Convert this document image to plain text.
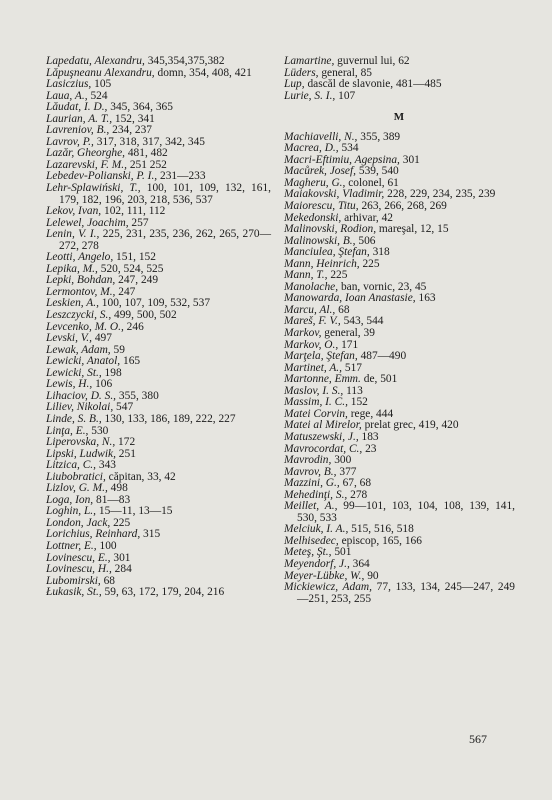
Lapedatu, Alexandru, 345,354,375,382
Lăpuşneanu Alexandru, domn, 354, 408, 421
Lasiczius, 105
Laua, A., 524
Lăudat, I. D., 345, 364, 365
Laurian, A. T., 152, 341
Lavreniov, B., 234, 237
Lavrov, P., 317, 318, 317, 342, 345
Lazăr, Gheorghe, 481, 482
Lazarevski, F. M., 251 252
Lebedev-Polianski, P. I., 231—233
Lehr-Splawiński, T., 100, 101, 109, 132, 161, 179, 182, 196, 203, 218, 536, 537
Lekov, Ivan, 102, 111, 112
Lelewel, Joachim, 257
Lenin, V. I., 225, 231, 235, 236, 262, 265, 270—272, 278
Leotti, Angelo, 151, 152
Lepika, M., 520, 524, 525
Lepki, Bohdan, 247, 249
Lermontov, M., 247
Leskien, A., 100, 107, 109, 532, 537
Leszczycki, S., 499, 500, 502
Levcenko, M. O., 246
Levski, V., 497
Lewak, Adam, 59
Lewicki, Anatol, 165
Lewicki, St., 198
Lewis, H., 106
Lihaciov, D. S., 355, 380
Liliev, Nikolai, 547
Linde, S. B., 130, 133, 186, 189, 222, 227
Linţa, E., 530
Liperovska, N., 172
Lipski, Ludwik, 251
Litzica, C., 343
Liubobratici, căpitan, 33, 42
Lizlov, G. M., 498
Loga, Ion, 81—83
Loghin, L., 15—11, 13—15
London, Jack, 225
Lorichius, Reinhard, 315
Lottner, E., 100
Lovinescu, E., 301
Lovinescu, H., 284
Lubomirski, 68
Łukasik, St., 59, 63, 172, 179, 204, 216
Lamartine, guvernul lui, 62
Lüders, general, 85
Lup, dascăl de slavonie, 481—485
Lurie, S. I., 107
M
Machiavelli, N., 355, 389
Macrea, D., 534
Macri-Eftimiu, Agepsina, 301
Macůrek, Josef, 539, 540
Magheru, G., colonel, 61
Maiakovski, Vladimir, 228, 229, 234, 235, 239
Maiorescu, Titu, 263, 266, 268, 269
Mekedonski, arhivar, 42
Malinovski, Rodion, mareşal, 12, 15
Malinowski, B., 506
Manciulea, Ştefan, 318
Mann, Heinrich, 225
Mann, T., 225
Manolache, ban, vornic, 23, 45
Manowarda, Ioan Anastasie, 163
Marcu, Al., 68
Mareš, F. V., 543, 544
Markov, general, 39
Markov, O., 171
Marţela, Ştefan, 487—490
Martinet, A., 517
Martonne, Emm. de, 501
Maslov, I. S., 113
Massim, I. C., 152
Matei Corvin, rege, 444
Matei al Mirelor, prelat grec, 419, 420
Matuszewski, J., 183
Mavrocordat, C., 23
Mavrodin, 300
Mavrov, B., 377
Mazzini, G., 67, 68
Mehedinţi, S., 278
Meillet, A., 99—101, 103, 104, 108, 139, 141, 530, 533
Melciuk, I. A., 515, 516, 518
Melhisedec, episcop, 165, 166
Meteş, Şt., 501
Meyendorf, J., 364
Meyer-Lübke, W., 90
Mickiewicz, Adam, 77, 133, 134, 245—247, 249—251, 253, 255
567
